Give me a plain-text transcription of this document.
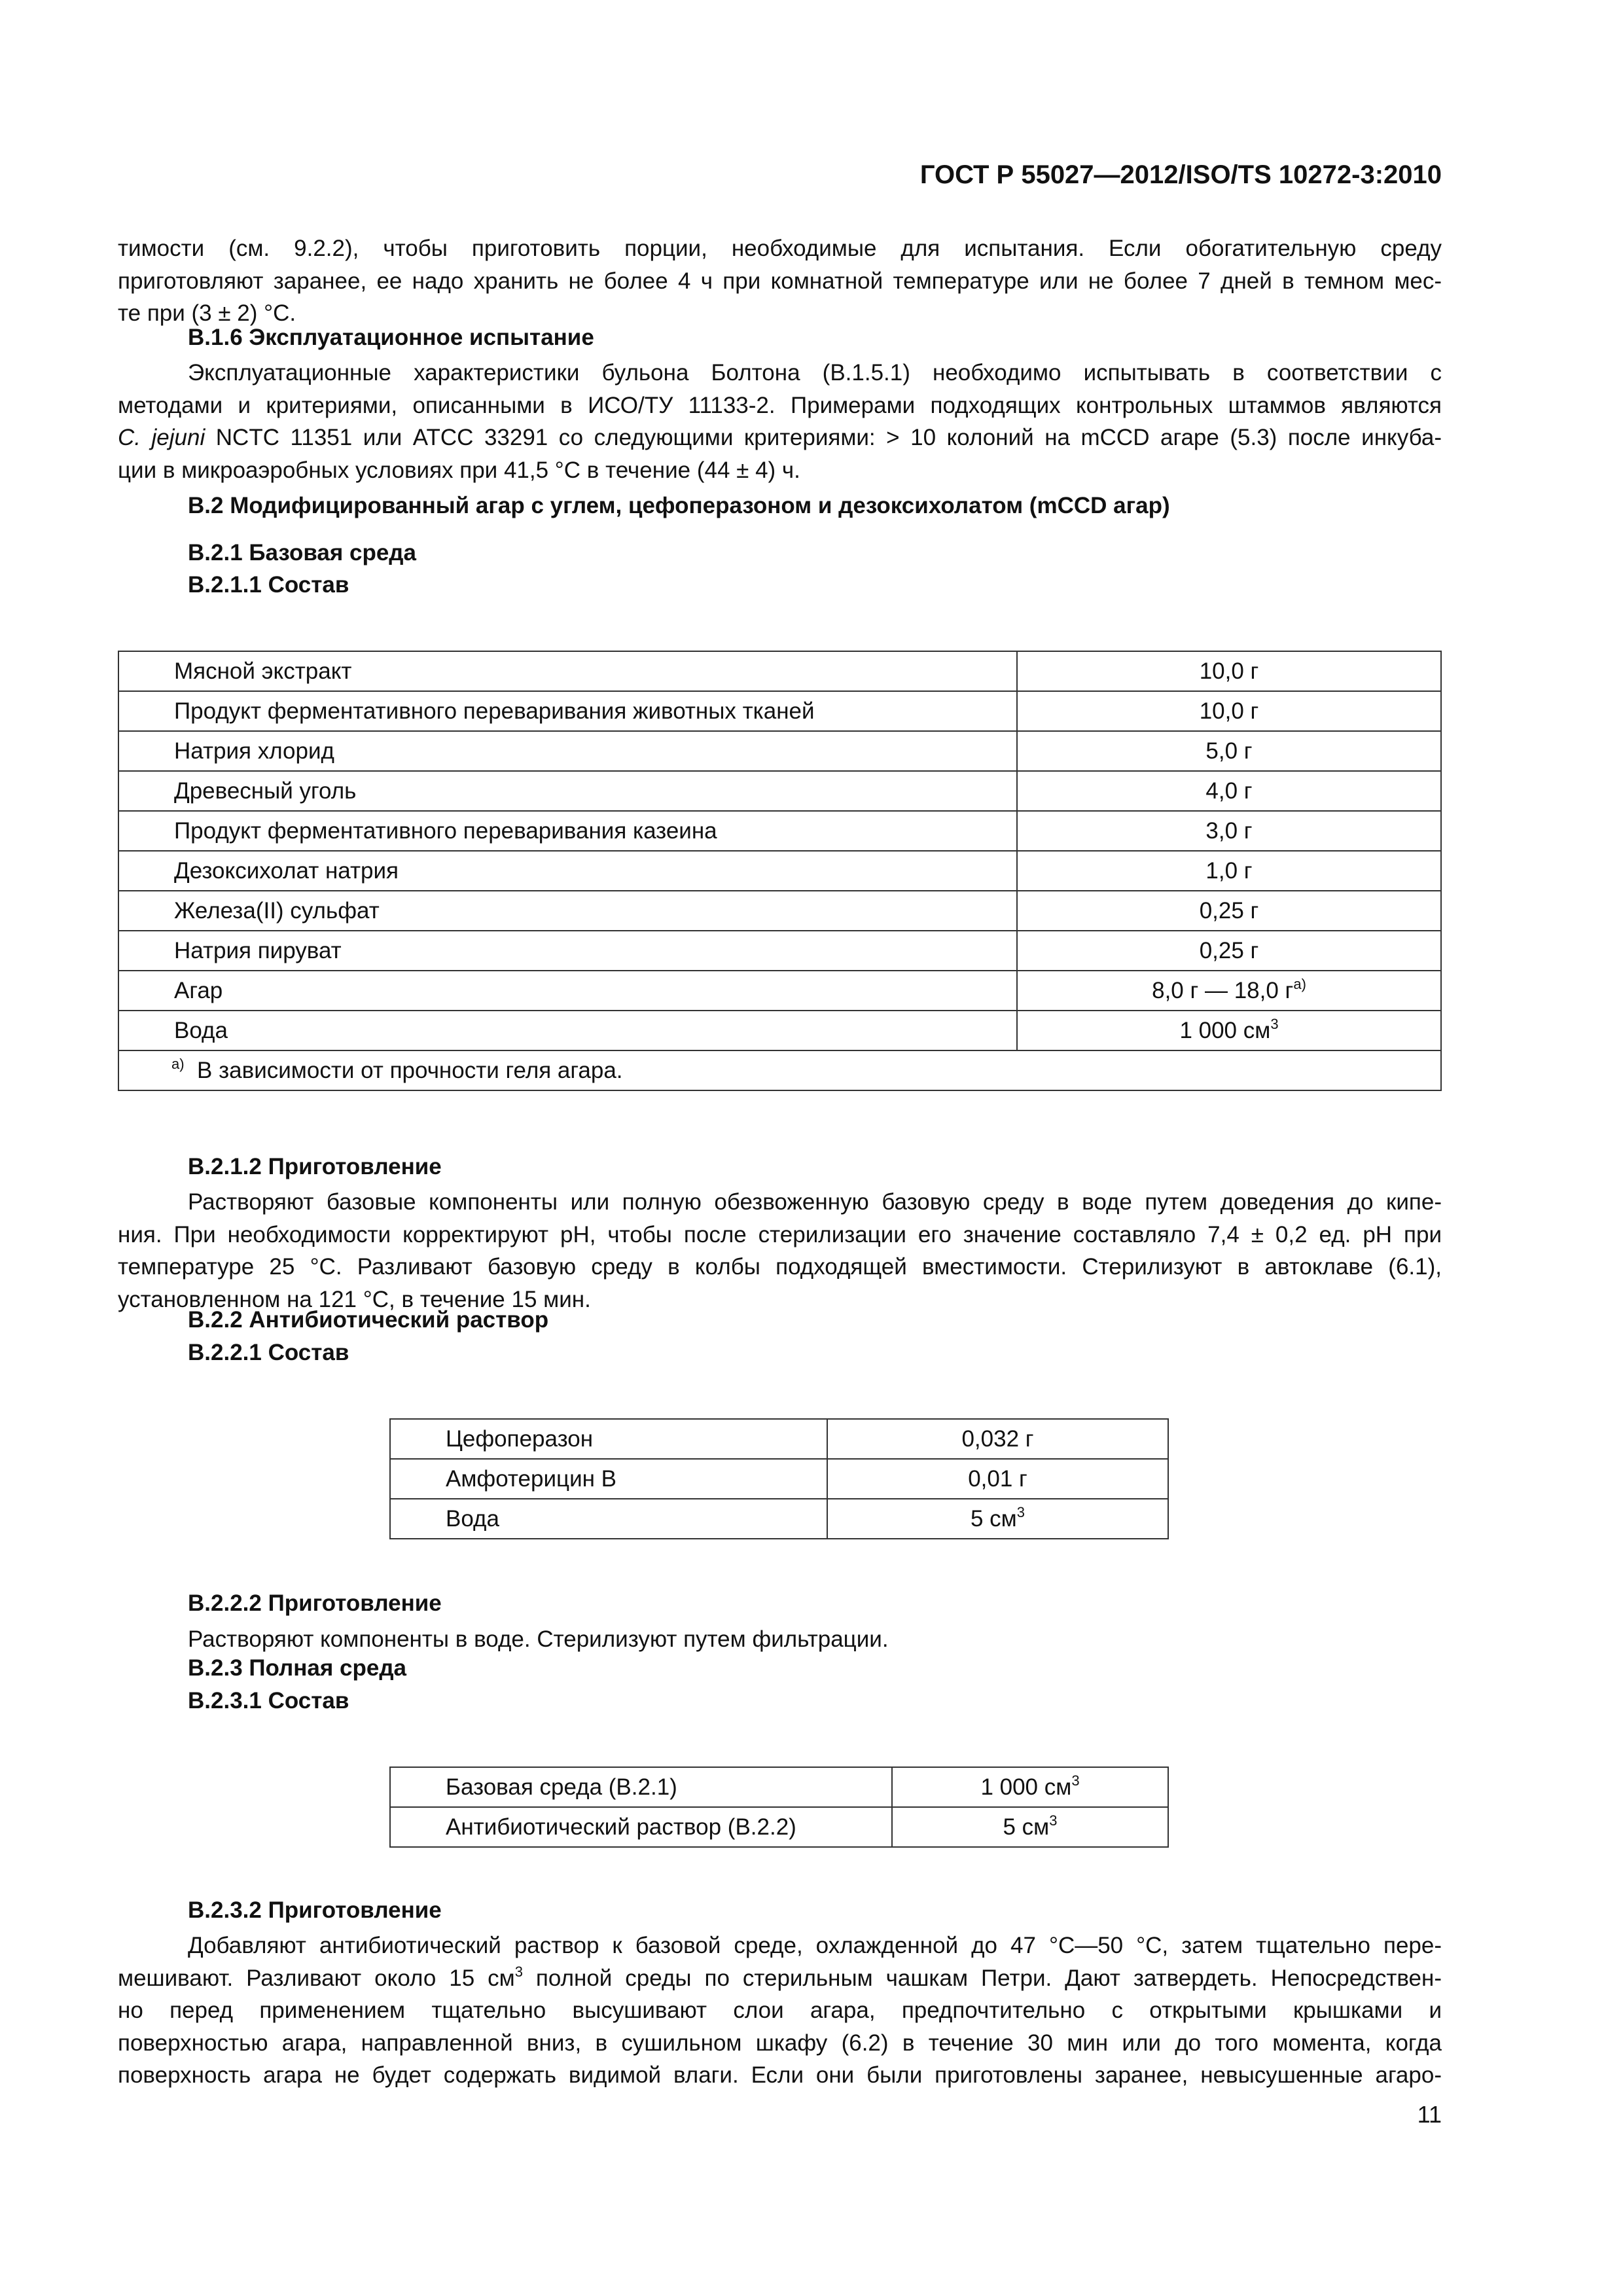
ГОСТ Р 55027—2012/ISO/TS 10272-3:2010
тимости (см. 9.2.2), чтобы приготовить порции, необходимые для испытания. Если обогатительную среду
приготовляют заранее, ее надо хранить не более 4 ч при комнатной температуре или не более 7 дней в темном мес-
те при (3 ± 2) °C.
B.1.6 Эксплуатационное испытание
Эксплуатационные характеристики бульона Болтона (B.1.5.1) необходимо испытывать в соответствии с
методами и критериями, описанными в ИСО/ТУ 11133-2. Примерами подходящих контрольных штаммов являются
C. jejuni NCTC 11351 или ATCC 33291 со следующими критериями: > 10 колоний на mCCD агаре (5.3) после инкуба-
ции в микроаэробных условиях при 41,5 °C в течение (44 ± 4) ч.
B.2 Модифицированный агар с углем, цефоперазоном и дезоксихолатом (mCCD агар)
B.2.1 Базовая среда
B.2.1.1 Состав
Мясной экстракт	10,0 г
Продукт ферментативного переваривания животных тканей	10,0 г
Натрия хлорид	5,0 г
Древесный уголь	4,0 г
Продукт ферментативного переваривания казеина	3,0 г
Дезоксихолат натрия	1,0 г
Железа(II) сульфат	0,25 г
Натрия пируват	0,25 г
Агар	8,0 г — 18,0 $г^{a)}$
Вода	1 000 $см^3$
$^{a)}$ В зависимости от прочности геля агара.	
B.2.1.2 Приготовление
Растворяют базовые компоненты или полную обезвоженную базовую среду в воде путем доведения до кипе-
ния. При необходимости корректируют pH, чтобы после стерилизации его значение составляло 7,4 ± 0,2 ед. pH при
температуре 25 °C. Разливают базовую среду в колбы подходящей вместимости. Стерилизуют в автоклаве (6.1),
установленном на 121 °C, в течение 15 мин.
B.2.2 Антибиотический раствор
B.2.2.1 Состав
Цефоперазон	0,032 г
Амфотерицин B	0,01 г
Вода	5 $см^3$
B.2.2.2 Приготовление
Растворяют компоненты в воде. Стерилизуют путем фильтрации.
B.2.3 Полная среда
B.2.3.1 Состав
Базовая среда (B.2.1)	1 000 $см^3$
Антибиотический раствор (B.2.2)	5 $см^3$
B.2.3.2 Приготовление
Добавляют антибиотический раствор к базовой среде, охлажденной до 47 °C—50 °C, затем тщательно пере-
мешивают. Разливают около 15 $см^3$ полной среды по стерильным чашкам Петри. Дают затвердеть. Непосредствен-
но перед применением тщательно высушивают слои агара, предпочтительно с открытыми крышками и
поверхностью агара, направленной вниз, в сушильном шкафу (6.2) в течение 30 мин или до того момента, когда
поверхность агара не будет содержать видимой влаги. Если они были приготовлены заранее, невысушенные агаро-
11
